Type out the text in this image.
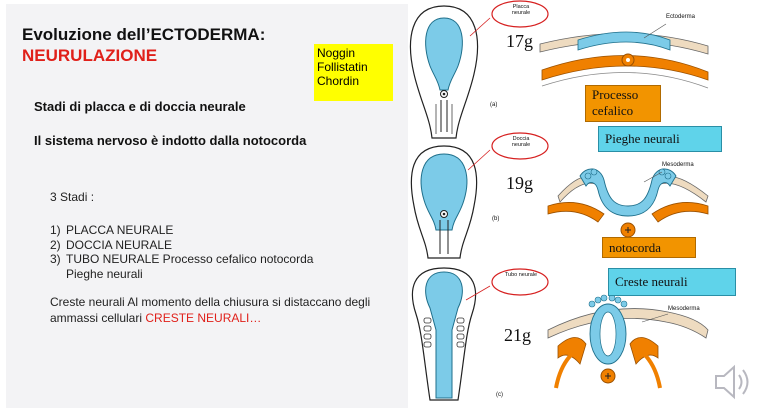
Evoluzione dell’ECTODERMA:
NEURULAZIONE	Noggin
Follistatin
Chordin
Stadi di placca e di doccia neurale
Il sistema nervoso è indotto dalla notocorda
3 Stadi :
1) PLACCA NEURALE
2) DOCCIA NEURALE
3) TUBO NEURALE Processo cefalico notocorda
Pieghe neurali
Creste neurali Al momento della chiusura si distaccano degli ammassi cellulari CRESTE NEURALI…
Placca neurale
Doccia neurale
Tubo neurale
Ectoderma
Mesoderma
Mesoderma
(a)
(b)
(c)
17g
19g
21g
Processo cefalico
Pieghe neurali
notocorda
Creste neurali
